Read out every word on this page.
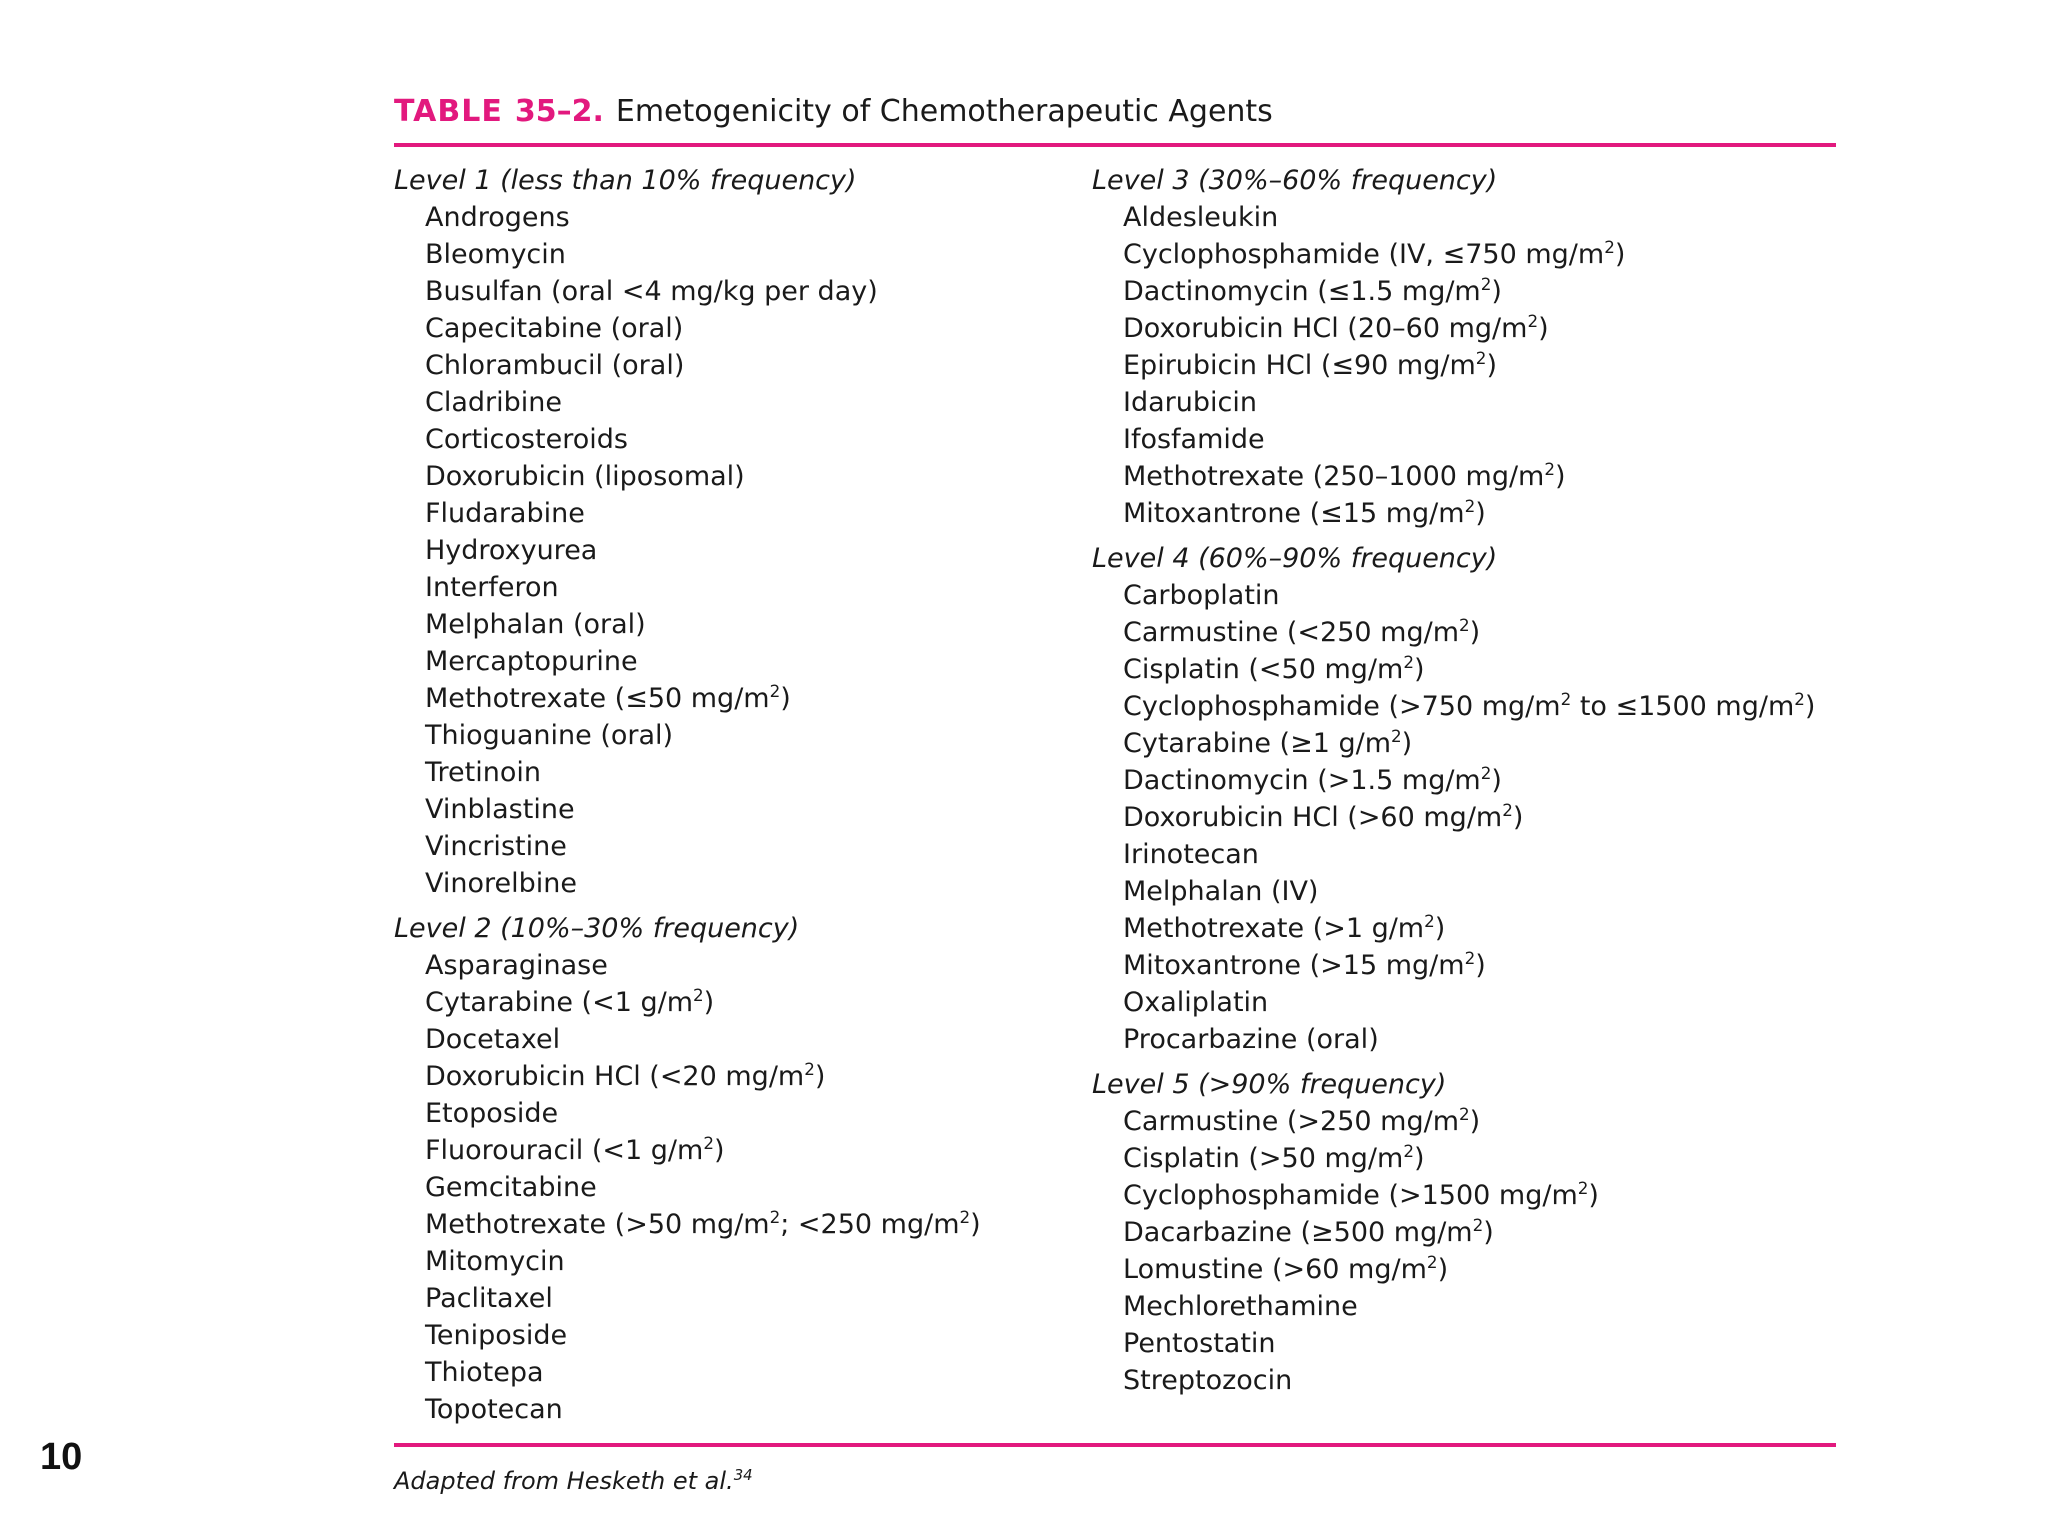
10
TABLE 35–2. Emetogenicity of Chemotherapeutic Agents
Level 1 (less than 10% frequency)
Androgens
Bleomycin
Busulfan (oral <4 mg/kg per day)
Capecitabine (oral)
Chlorambucil (oral)
Cladribine
Corticosteroids
Doxorubicin (liposomal)
Fludarabine
Hydroxyurea
Interferon
Melphalan (oral)
Mercaptopurine
Methotrexate (≤50 $mg/m^2$)
Thioguanine (oral)
Tretinoin
Vinblastine
Vincristine
Vinorelbine
Level 2 (10%–30% frequency)
Asparaginase
Cytarabine (<1 $g/m^2$)
Docetaxel
Doxorubicin HCl (<20 $mg/m^2$)
Etoposide
Fluorouracil (<1 $g/m^2$)
Gemcitabine
Methotrexate (>50 $mg/m^2$; <250 $mg/m^2$)
Mitomycin
Paclitaxel
Teniposide
Thiotepa
Topotecan
Level 3 (30%–60% frequency)
Aldesleukin
Cyclophosphamide (IV, ≤750 $mg/m^2$)
Dactinomycin (≤1.5 $mg/m^2$)
Doxorubicin HCl (20–60 $mg/m^2$)
Epirubicin HCl (≤90 $mg/m^2$)
Idarubicin
Ifosfamide
Methotrexate (250–1000 $mg/m^2$)
Mitoxantrone (≤15 $mg/m^2$)
Level 4 (60%–90% frequency)
Carboplatin
Carmustine (<250 $mg/m^2$)
Cisplatin (<50 $mg/m^2$)
Cyclophosphamide (>750 $mg/m^2$ to ≤1500 $mg/m^2$)
Cytarabine (≥1 $g/m^2$)
Dactinomycin (>1.5 $mg/m^2$)
Doxorubicin HCl (>60 $mg/m^2$)
Irinotecan
Melphalan (IV)
Methotrexate (>1 $g/m^2$)
Mitoxantrone (>15 $mg/m^2$)
Oxaliplatin
Procarbazine (oral)
Level 5 (>90% frequency)
Carmustine (>250 $mg/m^2$)
Cisplatin (>50 $mg/m^2$)
Cyclophosphamide (>1500 $mg/m^2$)
Dacarbazine (≥500 $mg/m^2$)
Lomustine (>60 $mg/m^2$)
Mechlorethamine
Pentostatin
Streptozocin
Adapted from Hesketh et al.$^{34}$
